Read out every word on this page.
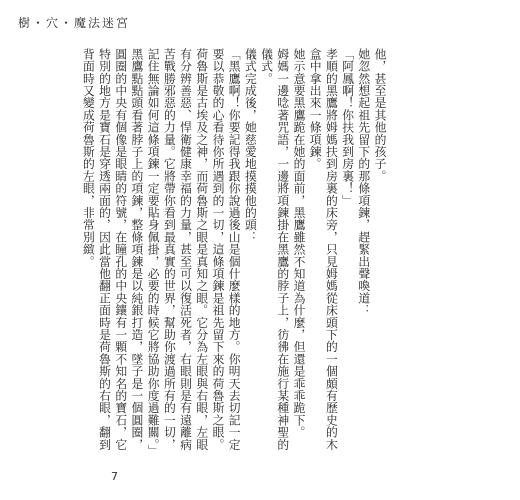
樹・穴・魔法迷宮

他，甚至是其他的孩子。

她忽然想起祖先留下的那條項鍊，趕緊出聲喚道：

「阿鳳啊！你扶我到房裏！」

孝順的黑鷹將姆媽扶到房裏的床旁，只見姆媽從床頭下的一個頗有歷史的木盒中拿出來一條項鍊。

她示意要黑鷹跪在她的面前，黑鷹雖然不知道為什麼，但還是乖乖跪下。

姆媽一邊唸著咒語，一邊將項鍊掛在黑鷹的脖子上，彷彿在施行某種神聖的儀式。

儀式完成後，她慈愛地摸摸他的頭：

「黑鷹啊！你要記得我跟你說過後山是個什麼樣的地方。你明天去切記一定要以恭敬的心看待你所遇到的一切，這條項鍊是祖先留下來的荷魯斯之眼。荷魯斯是古埃及之神，而荷魯斯之眼是真知之眼。它分為左眼與右眼，左眼有分辨善惡、悍衛健康幸福的力量，甚至可以復活死者，右眼則是有遠離病苦戰勝邪惡的力量。它將帶你看到最真實的世界，幫助你渡過所有的一切，記住無論如何這條項鍊一定要貼身佩掛，必要的時候它將協助你度過難關。」

黑鷹點點頭看著脖子上的項鍊，整條項鍊是以純銀打造，墜子是一個圓圈，圓圈的中央有個像是眼睛的符號，在瞳孔的中央鑲有一顆不知名的寶石，它特別的地方是寶石是穿透兩面的，因此當他翻正面時是荷魯斯的右眼，翻到背面時又變成荷魯斯的左眼，非常別緻。

7
